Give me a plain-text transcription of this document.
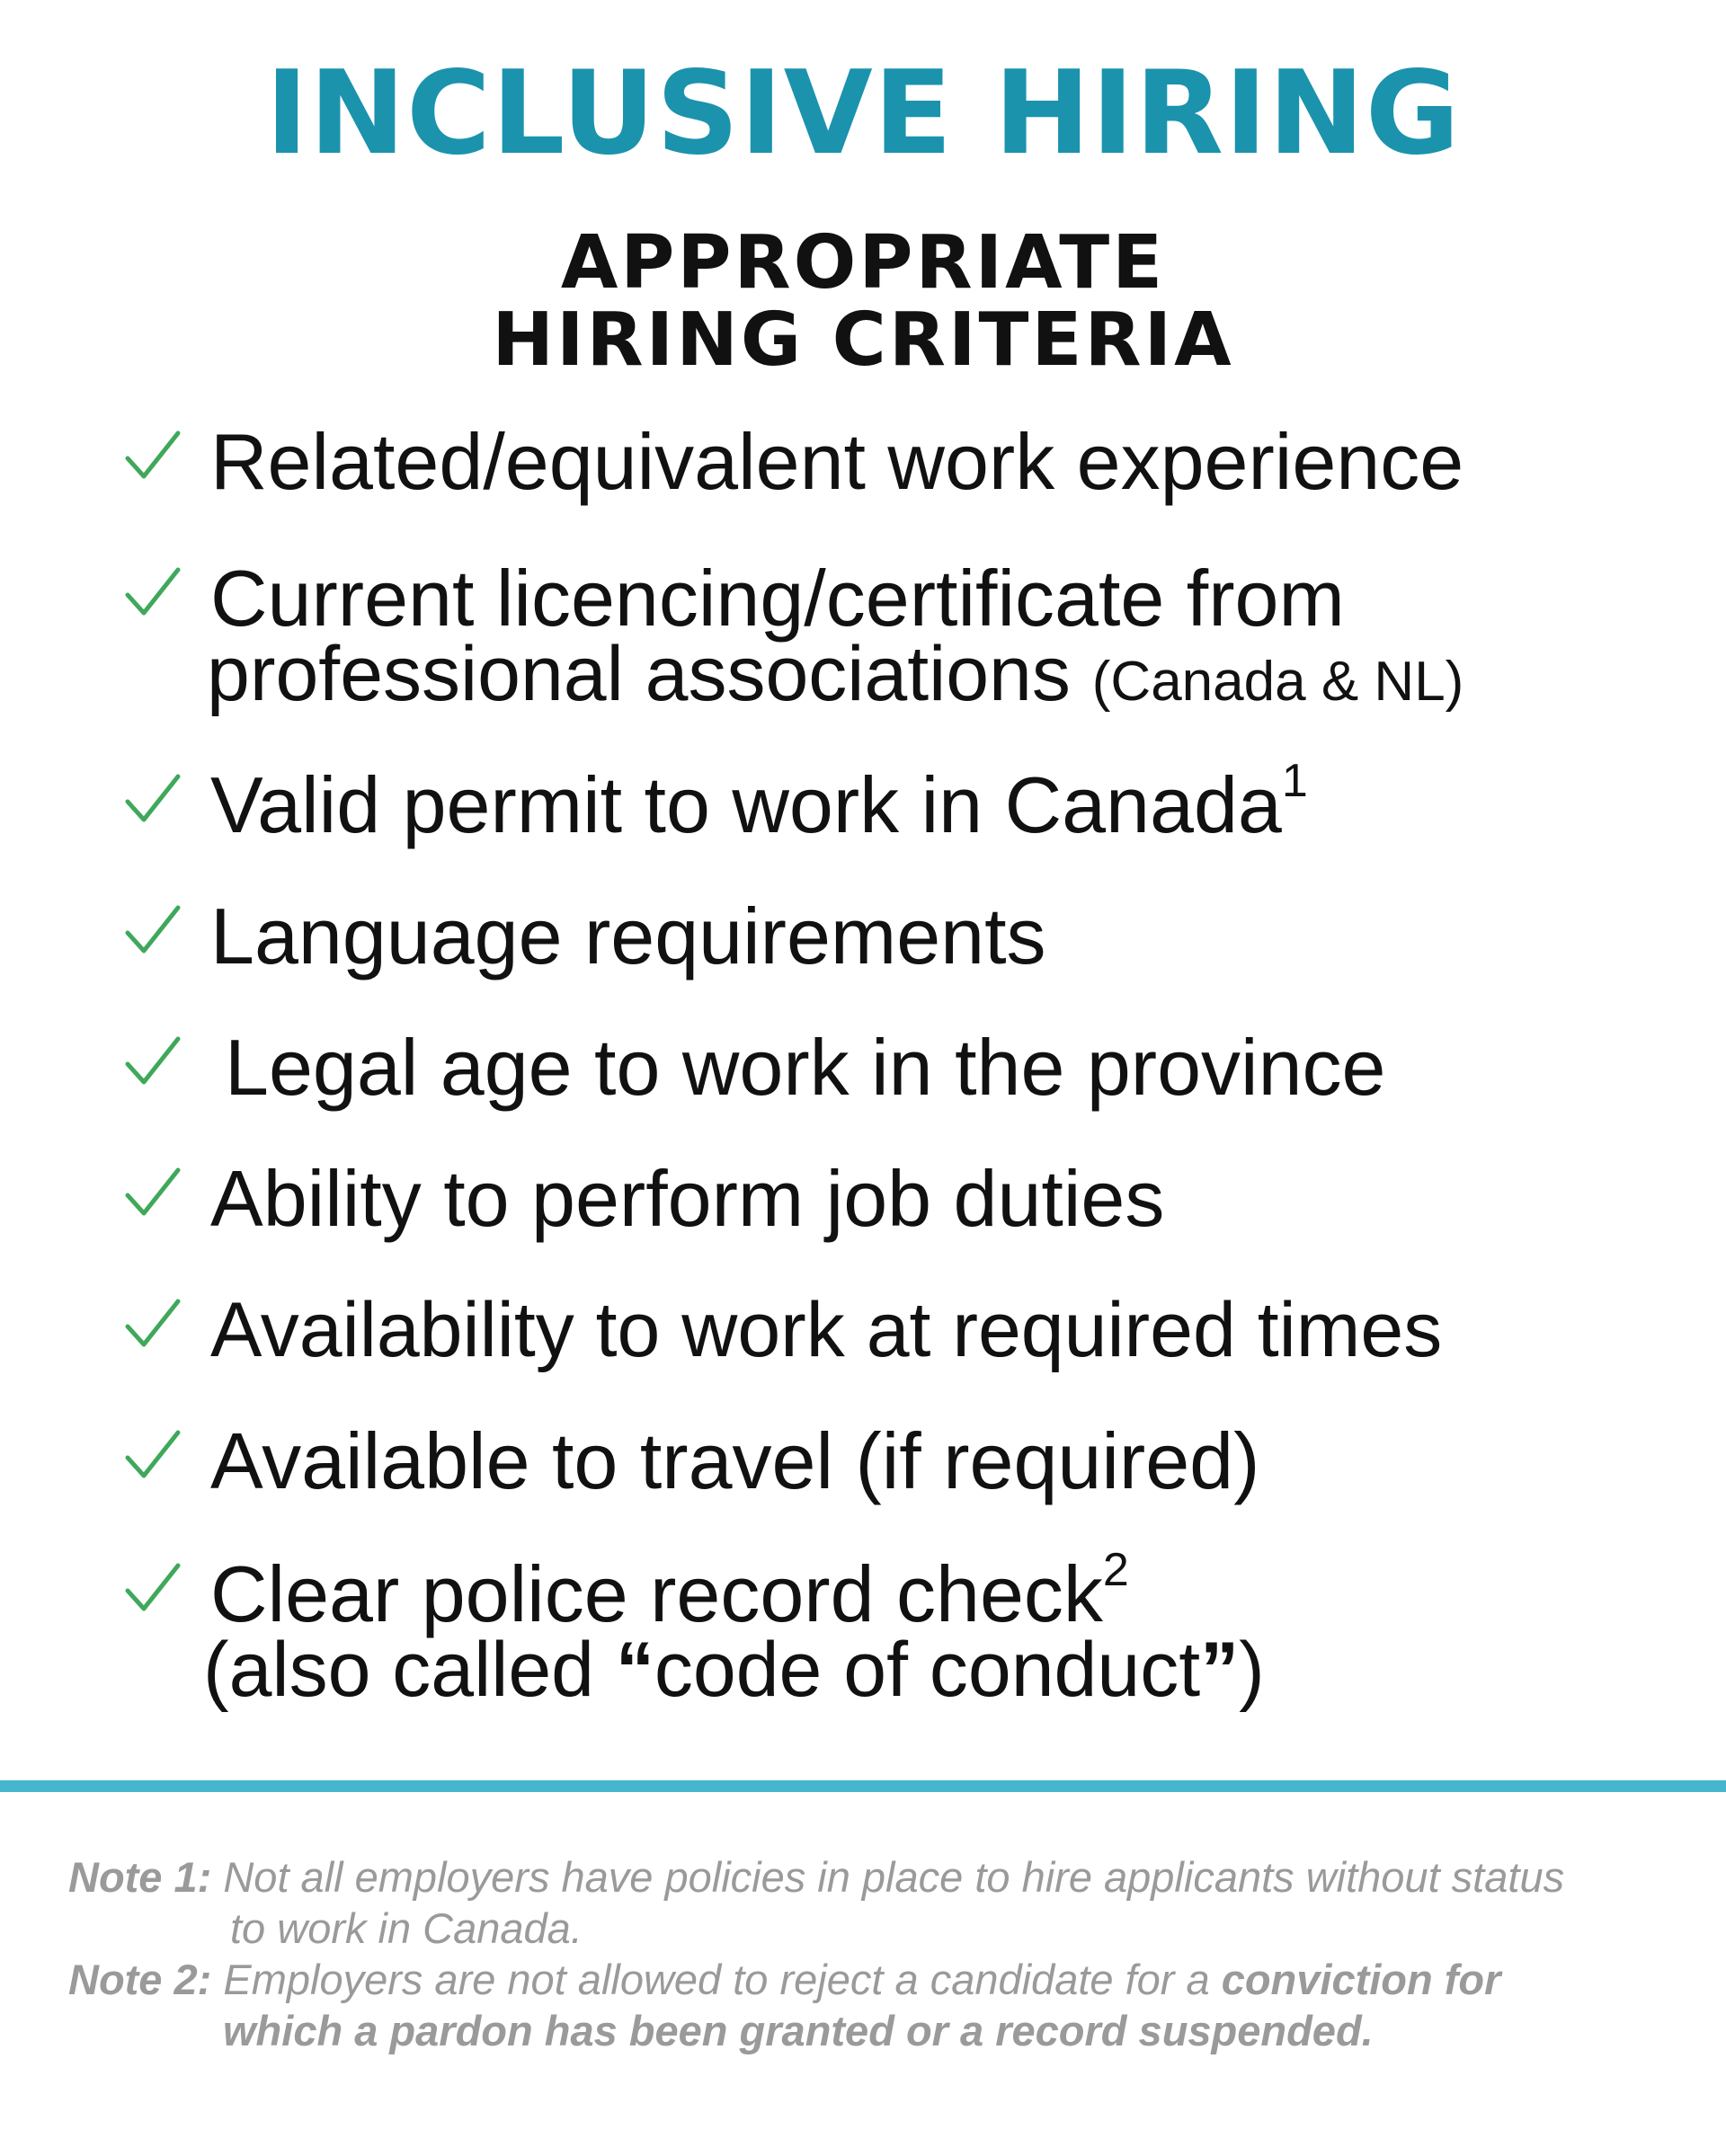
INCLUSIVE HIRING
APPROPRIATE
HIRING CRITERIA
Related/equivalent work experience
Current licencing/certificate from
professional associations (Canada & NL)
Valid permit to work in Canada$^1$
Language requirements
Legal age to work in the province
Ability to perform job duties
Availability to work at required times
Available to travel (if required)
Clear police record check$^2$
(also called “code of conduct”)
Note 1: Not all employers have policies in place to hire applicants without status
to work in Canada.
Note 2: Employers are not allowed to reject a candidate for a conviction for
which a pardon has been granted or a record suspended.
